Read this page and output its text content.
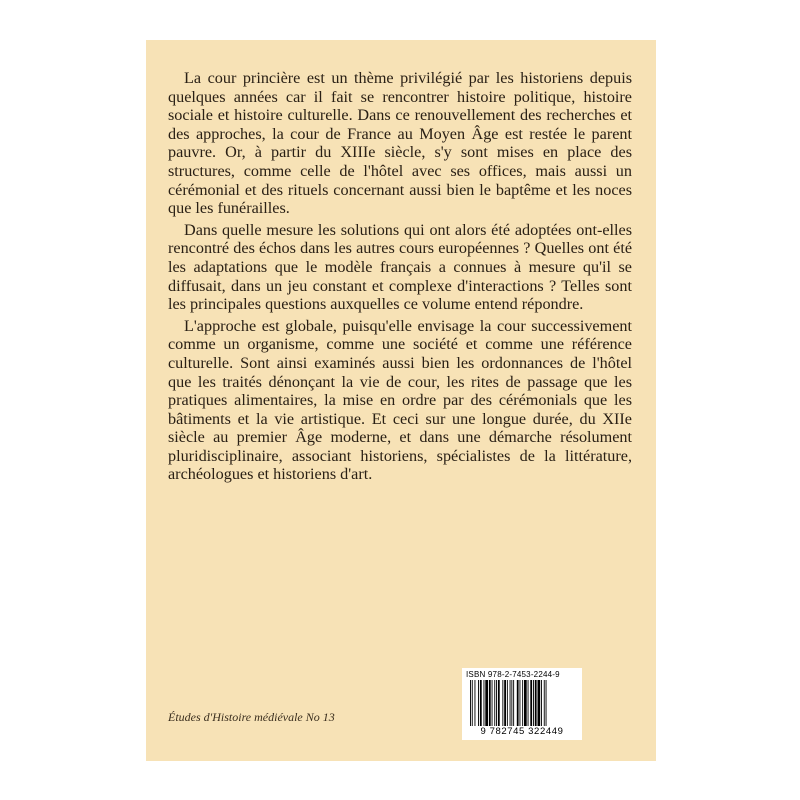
La cour princière est un thème privilégié par les historiens depuis quelques années car il fait se rencontrer histoire politique, histoire sociale et histoire culturelle. Dans ce renouvellement des recherches et des approches, la cour de France au Moyen Âge est restée le parent pauvre. Or, à partir du XIIIe siècle, s'y sont mises en place des structures, comme celle de l'hôtel avec ses offices, mais aussi un cérémonial et des rituels concernant aussi bien le baptême et les noces que les funérailles.

Dans quelle mesure les solutions qui ont alors été adoptées ont-elles rencontré des échos dans les autres cours européennes ? Quelles ont été les adaptations que le modèle français a connues à mesure qu'il se diffusait, dans un jeu constant et complexe d'interactions ? Telles sont les principales questions auxquelles ce volume entend répondre.

L'approche est globale, puisqu'elle envisage la cour successivement comme un organisme, comme une société et comme une référence culturelle. Sont ainsi examinés aussi bien les ordonnances de l'hôtel que les traités dénonçant la vie de cour, les rites de passage que les pratiques alimentaires, la mise en ordre par des cérémonials que les bâtiments et la vie artistique. Et ceci sur une longue durée, du XIIe siècle au premier Âge moderne, et dans une démarche résolument pluridisciplinaire, associant historiens, spécialistes de la littérature, archéologues et historiens d'art.

Études d'Histoire médiévale No 13
ISBN 978-2-7453-2244-9
9 782745 322449
